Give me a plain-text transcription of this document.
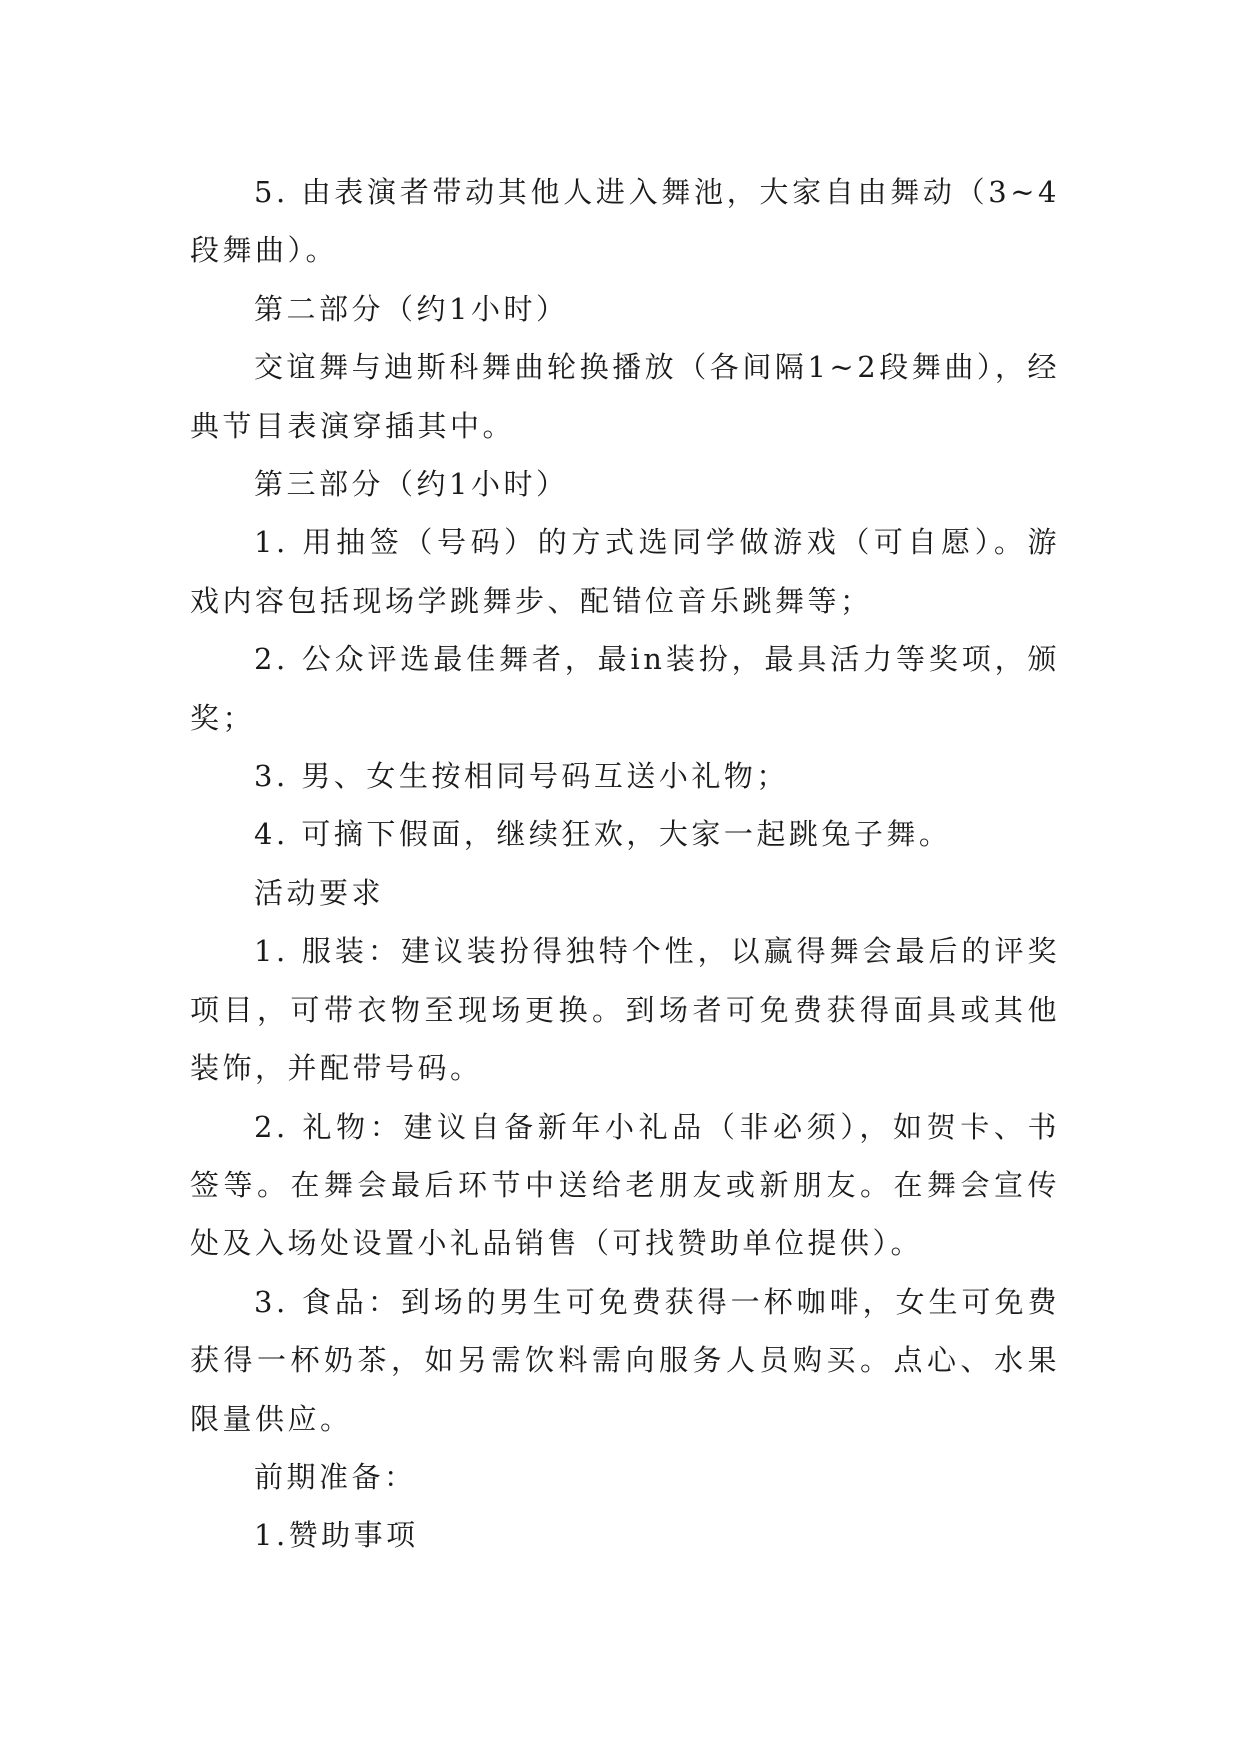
5. 由表演者带动其他人进入舞池，大家自由舞动（3~4段舞曲）。

第二部分（约1小时）

交谊舞与迪斯科舞曲轮换播放（各间隔1~2段舞曲），经典节目表演穿插其中。

第三部分（约1小时）

1. 用抽签（号码）的方式选同学做游戏（可自愿）。游戏内容包括现场学跳舞步、配错位音乐跳舞等；

2. 公众评选最佳舞者，最in装扮，最具活力等奖项，颁奖；

3. 男、女生按相同号码互送小礼物；

4. 可摘下假面，继续狂欢，大家一起跳兔子舞。

活动要求

1. 服装：建议装扮得独特个性，以赢得舞会最后的评奖项目，可带衣物至现场更换。到场者可免费获得面具或其他装饰，并配带号码。

2. 礼物：建议自备新年小礼品（非必须），如贺卡、书签等。在舞会最后环节中送给老朋友或新朋友。在舞会宣传处及入场处设置小礼品销售（可找赞助单位提供）。

3. 食品：到场的男生可免费获得一杯咖啡，女生可免费获得一杯奶茶，如另需饮料需向服务人员购买。点心、水果限量供应。

前期准备：

1.赞助事项
